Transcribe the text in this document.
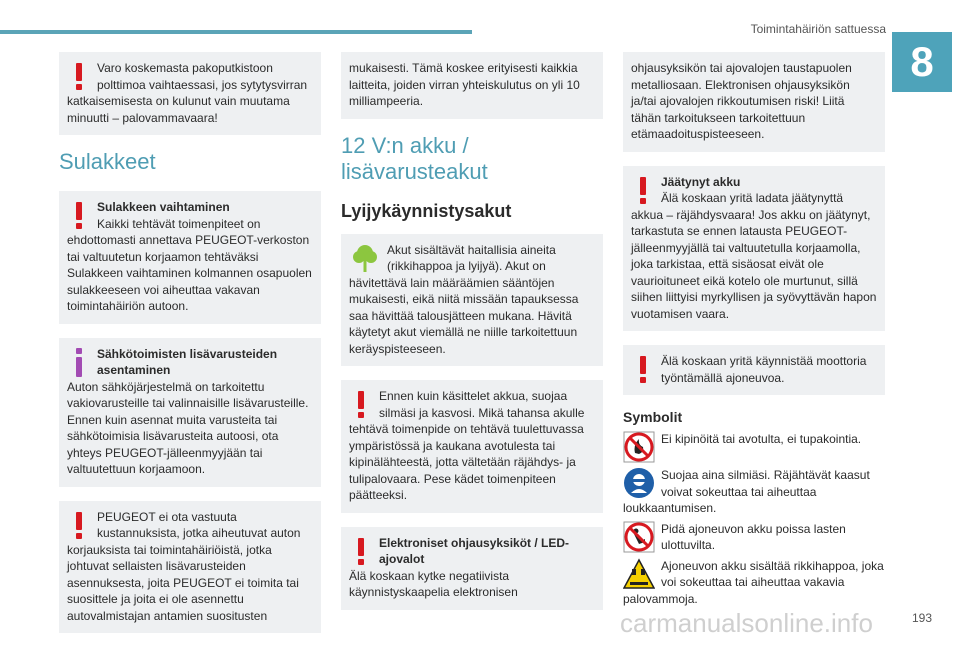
Toimintahäiriön sattuessa
8
Varo koskemasta pakoputkistoon polttimoa vaihtaessasi, jos sytytysvirran katkaisemisesta on kulunut vain muutama minuutti – palovammavaara!
Sulakkeet
Sulakkeen vaihtaminen
Kaikki tehtävät toimenpiteet on ehdottomasti annettava PEUGEOT-verkoston tai valtuutetun korjaamon tehtäväksi Sulakkeen vaihtaminen kolmannen osapuolen sulakkeeseen voi aiheuttaa vakavan toimintahäiriön autoon.
Sähkötoimisten lisävarusteiden asentaminen
Auton sähköjärjestelmä on tarkoitettu vakiovarusteille tai valinnaisille lisävarusteille. Ennen kuin asennat muita varusteita tai sähkötoimisia lisävarusteita autoosi, ota yhteys PEUGEOT-jälleenmyyjään tai valtuutettuun korjaamoon.
PEUGEOT ei ota vastuuta kustannuksista, jotka aiheutuvat auton korjauksista tai toimintahäiriöistä, jotka johtuvat sellaisten lisävarusteiden asennuksesta, joita PEUGEOT ei toimita tai suosittele ja joita ei ole asennettu autovalmistajan antamien suositusten
mukaisesti. Tämä koskee erityisesti kaikkia laitteita, joiden virran yhteiskulutus on yli 10 milliampeeria.
12 V:n akku / lisävarusteakut
Lyijykäynnistysakut
Akut sisältävät haitallisia aineita (rikkihappoa ja lyijyä). Akut on hävitettävä lain määräämien sääntöjen mukaisesti, eikä niitä missään tapauksessa saa hävittää talousjätteen mukana. Hävitä käytetyt akut viemällä ne niille tarkoitettuun keräyspisteeseen.
Ennen kuin käsittelet akkua, suojaa silmäsi ja kasvosi. Mikä tahansa akulle tehtävä toimenpide on tehtävä tuulettuvassa ympäristössä ja kaukana avotulesta tai kipinälähteestä, jotta vältetään räjähdys- ja tulipalovaara. Pese kädet toimenpiteen päätteeksi.
Elektroniset ohjausyksiköt / LED-ajovalot
Älä koskaan kytke negatiivista käynnistyskaapelia elektronisen
ohjausyksikön tai ajovalojen taustapuolen metalliosaan. Elektronisen ohjausyksikön ja/tai ajovalojen rikkoutumisen riski! Liitä tähän tarkoitukseen tarkoitettuun etämaadoituspisteeseen.
Jäätynyt akku
Älä koskaan yritä ladata jäätynyttä akkua – räjähdysvaara! Jos akku on jäätynyt, tarkastuta se ennen latausta PEUGEOT-jälleenmyyjällä tai valtuutetulla korjaamolla, joka tarkistaa, että sisäosat eivät ole vaurioituneet eikä kotelo ole murtunut, sillä siihen liittyisi myrkyllisen ja syövyttävän hapon vuotamisen vaara.
Älä koskaan yritä käynnistää moottoria työntämällä ajoneuvoa.
Symbolit
Ei kipinöitä tai avotulta, ei tupakointia.
Suojaa aina silmiäsi. Räjähtävät kaasut voivat sokeuttaa tai aiheuttaa loukkaantumisen.
Pidä ajoneuvon akku poissa lasten ulottuvilta.
Ajoneuvon akku sisältää rikkihappoa, joka voi sokeuttaa tai aiheuttaa vakavia palovammoja.
carmanualsonline.info	193
